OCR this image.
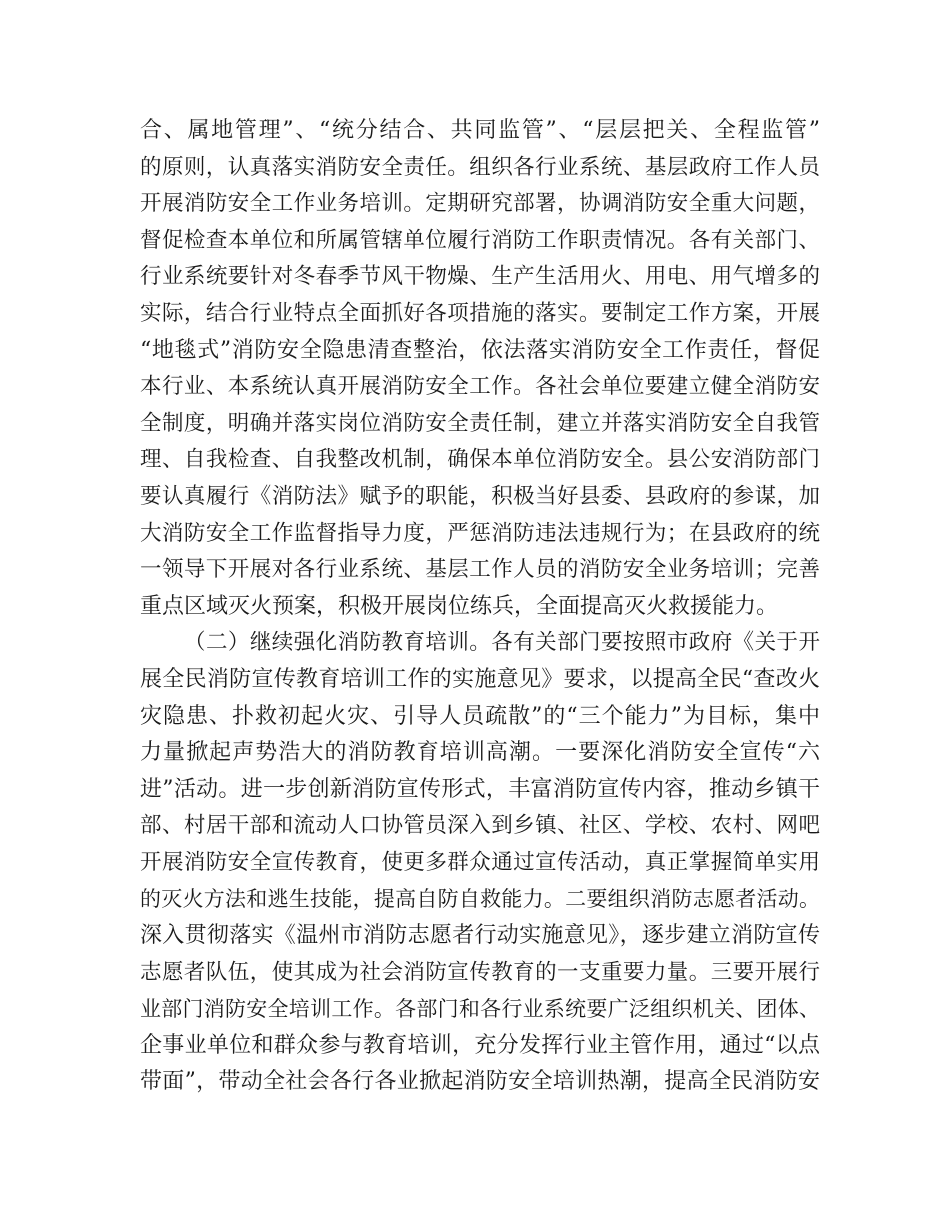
合、属地管理”、“统分结合、共同监管”、“层层把关、全程监管”
的原则，认真落实消防安全责任。组织各行业系统、基层政府工作人员
开展消防安全工作业务培训。定期研究部署，协调消防安全重大问题，
督促检查本单位和所属管辖单位履行消防工作职责情况。各有关部门、
行业系统要针对冬春季节风干物燥、生产生活用火、用电、用气增多的
实际，结合行业特点全面抓好各项措施的落实。要制定工作方案，开展
“地毯式”消防安全隐患清查整治，依法落实消防安全工作责任，督促
本行业、本系统认真开展消防安全工作。各社会单位要建立健全消防安
全制度，明确并落实岗位消防安全责任制，建立并落实消防安全自我管
理、自我检查、自我整改机制，确保本单位消防安全。县公安消防部门
要认真履行《消防法》赋予的职能，积极当好县委、县政府的参谋，加
大消防安全工作监督指导力度，严惩消防违法违规行为；在县政府的统
一领导下开展对各行业系统、基层工作人员的消防安全业务培训；完善
重点区域灭火预案，积极开展岗位练兵，全面提高灭火救援能力。
（二）继续强化消防教育培训。各有关部门要按照市政府《关于开
展全民消防宣传教育培训工作的实施意见》要求，以提高全民“查改火
灾隐患、扑救初起火灾、引导人员疏散”的“三个能力”为目标，集中
力量掀起声势浩大的消防教育培训高潮。一要深化消防安全宣传“六
进”活动。进一步创新消防宣传形式，丰富消防宣传内容，推动乡镇干
部、村居干部和流动人口协管员深入到乡镇、社区、学校、农村、网吧
开展消防安全宣传教育，使更多群众通过宣传活动，真正掌握简单实用
的灭火方法和逃生技能，提高自防自救能力。二要组织消防志愿者活动。
深入贯彻落实《温州市消防志愿者行动实施意见》，逐步建立消防宣传
志愿者队伍，使其成为社会消防宣传教育的一支重要力量。三要开展行
业部门消防安全培训工作。各部门和各行业系统要广泛组织机关、团体、
企事业单位和群众参与教育培训，充分发挥行业主管作用，通过“以点
带面”，带动全社会各行各业掀起消防安全培训热潮，提高全民消防安
